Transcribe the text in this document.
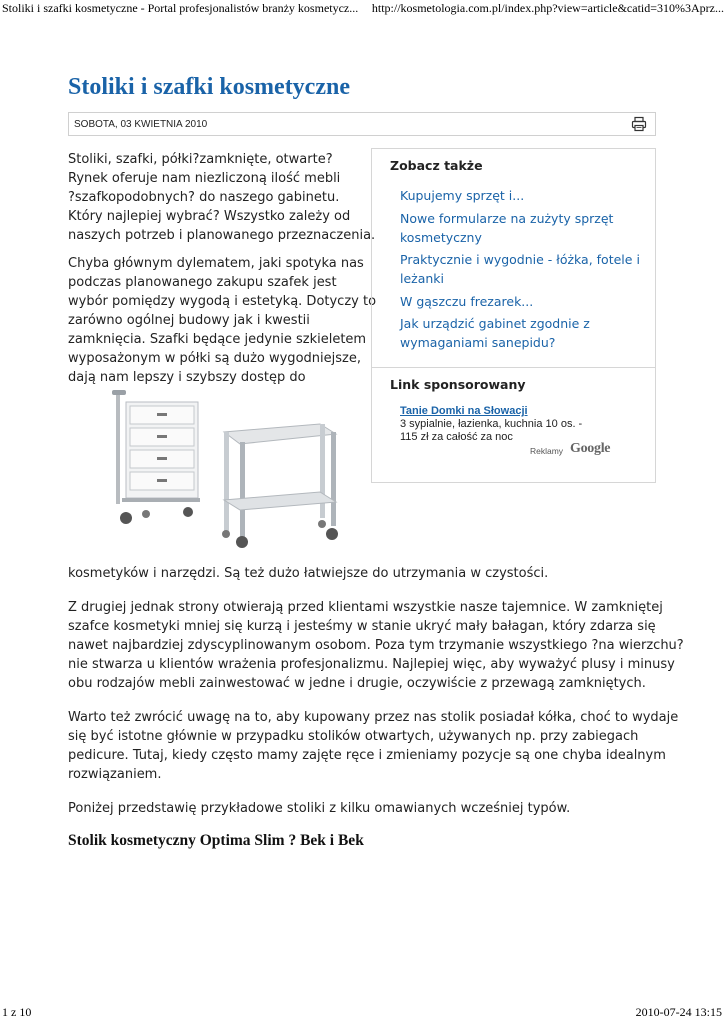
Stoliki i szafki kosmetyczne - Portal profesjonalistów branży kosmetycz... http://kosmetologia.com.pl/index.php?view=article&catid=310%3Aprz...
1 z 10	2010-07-24 13:15
Stoliki i szafki kosmetyczne
SOBOTA, 03 KWIETNIA 2010
Stoliki, szafki, półki?zamknięte, otwarte?
Rynek oferuje nam niezliczoną ilość mebli
?szafkopodobnych? do naszego gabinetu.
Który najlepiej wybrać? Wszystko zależy od
naszych potrzeb i planowanego przeznaczenia.
Chyba głównym dylematem, jaki spotyka nas
podczas planowanego zakupu szafek jest
wybór pomiędzy wygodą i estetyką. Dotyczy to
zarówno ogólnej budowy jak i kwestii
zamknięcia. Szafki będące jedynie szkieletem
wyposażonym w półki są dużo wygodniejsze,
dają nam lepszy i szybszy dostęp do
Zobacz także
Kupujemy sprzęt i...
Nowe formularze na zużyty sprzęt
kosmetyczny
Praktycznie i wygodnie - łóżka, fotele i
leżanki
W gąszczu frezarek...
Jak urządzić gabinet zgodnie z
wymaganiami sanepidu?
Link sponsorowany
Tanie Domki na Słowacji
3 sypialnie, łazienka, kuchnia 10 os. -
115 zł za całość za noc
Reklamy Google
kosmetyków i narzędzi. Są też dużo łatwiejsze do utrzymania w czystości.
Z drugiej jednak strony otwierają przed klientami wszystkie nasze tajemnice. W zamkniętej
szafce kosmetyki mniej się kurzą i jesteśmy w stanie ukryć mały bałagan, który zdarza się
nawet najbardziej zdyscyplinowanym osobom. Poza tym trzymanie wszystkiego ?na wierzchu?
nie stwarza u klientów wrażenia profesjonalizmu. Najlepiej więc, aby wyważyć plusy i minusy
obu rodzajów mebli zainwestować w jedne i drugie, oczywiście z przewagą zamkniętych.
Warto też zwrócić uwagę na to, aby kupowany przez nas stolik posiadał kółka, choć to wydaje
się być istotne głównie w przypadku stolików otwartych, używanych np. przy zabiegach
pedicure. Tutaj, kiedy często mamy zajęte ręce i zmieniamy pozycje są one chyba idealnym
rozwiązaniem.
Poniżej przedstawię przykładowe stoliki z kilku omawianych wcześniej typów.
Stolik kosmetyczny Optima Slim ? Bek i Bek
